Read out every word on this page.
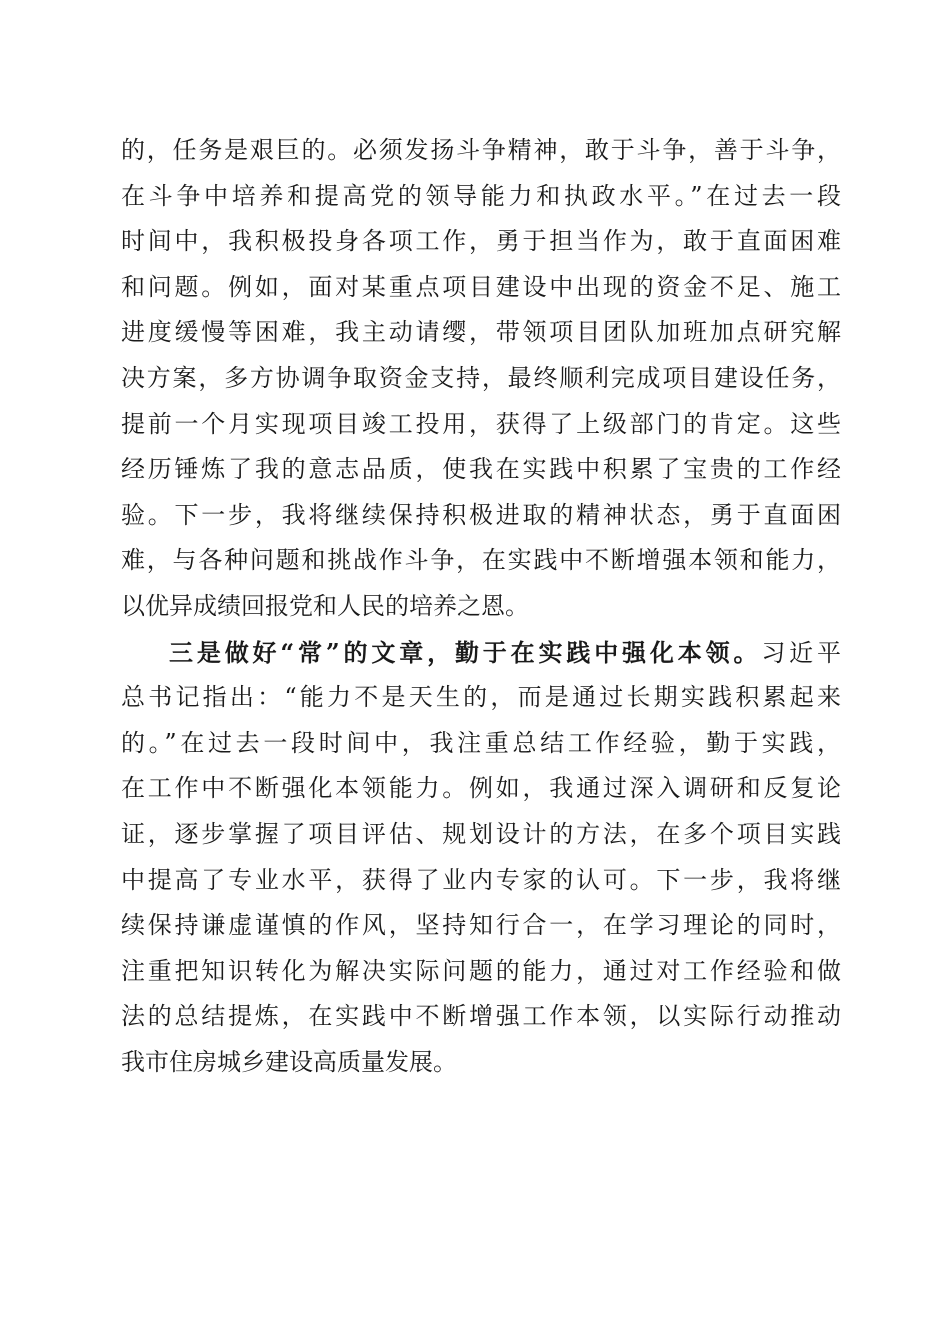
的，任务是艰巨的。必须发扬斗争精神，敢于斗争，善于斗争，
在斗争中培养和提高党的领导能力和执政水平。”在过去一段
时间中，我积极投身各项工作，勇于担当作为，敢于直面困难
和问题。例如，面对某重点项目建设中出现的资金不足、施工
进度缓慢等困难，我主动请缨，带领项目团队加班加点研究解
决方案，多方协调争取资金支持，最终顺利完成项目建设任务，
提前一个月实现项目竣工投用，获得了上级部门的肯定。这些
经历锤炼了我的意志品质，使我在实践中积累了宝贵的工作经
验。下一步，我将继续保持积极进取的精神状态，勇于直面困
难，与各种问题和挑战作斗争，在实践中不断增强本领和能力，
以优异成绩回报党和人民的培养之恩。
三是做好“常”的文章，勤于在实践中强化本领。习近平
总书记指出：“能力不是天生的，而是通过长期实践积累起来
的。”在过去一段时间中，我注重总结工作经验，勤于实践，
在工作中不断强化本领能力。例如，我通过深入调研和反复论
证，逐步掌握了项目评估、规划设计的方法，在多个项目实践
中提高了专业水平，获得了业内专家的认可。下一步，我将继
续保持谦虚谨慎的作风，坚持知行合一，在学习理论的同时，
注重把知识转化为解决实际问题的能力，通过对工作经验和做
法的总结提炼，在实践中不断增强工作本领，以实际行动推动
我市住房城乡建设高质量发展。
